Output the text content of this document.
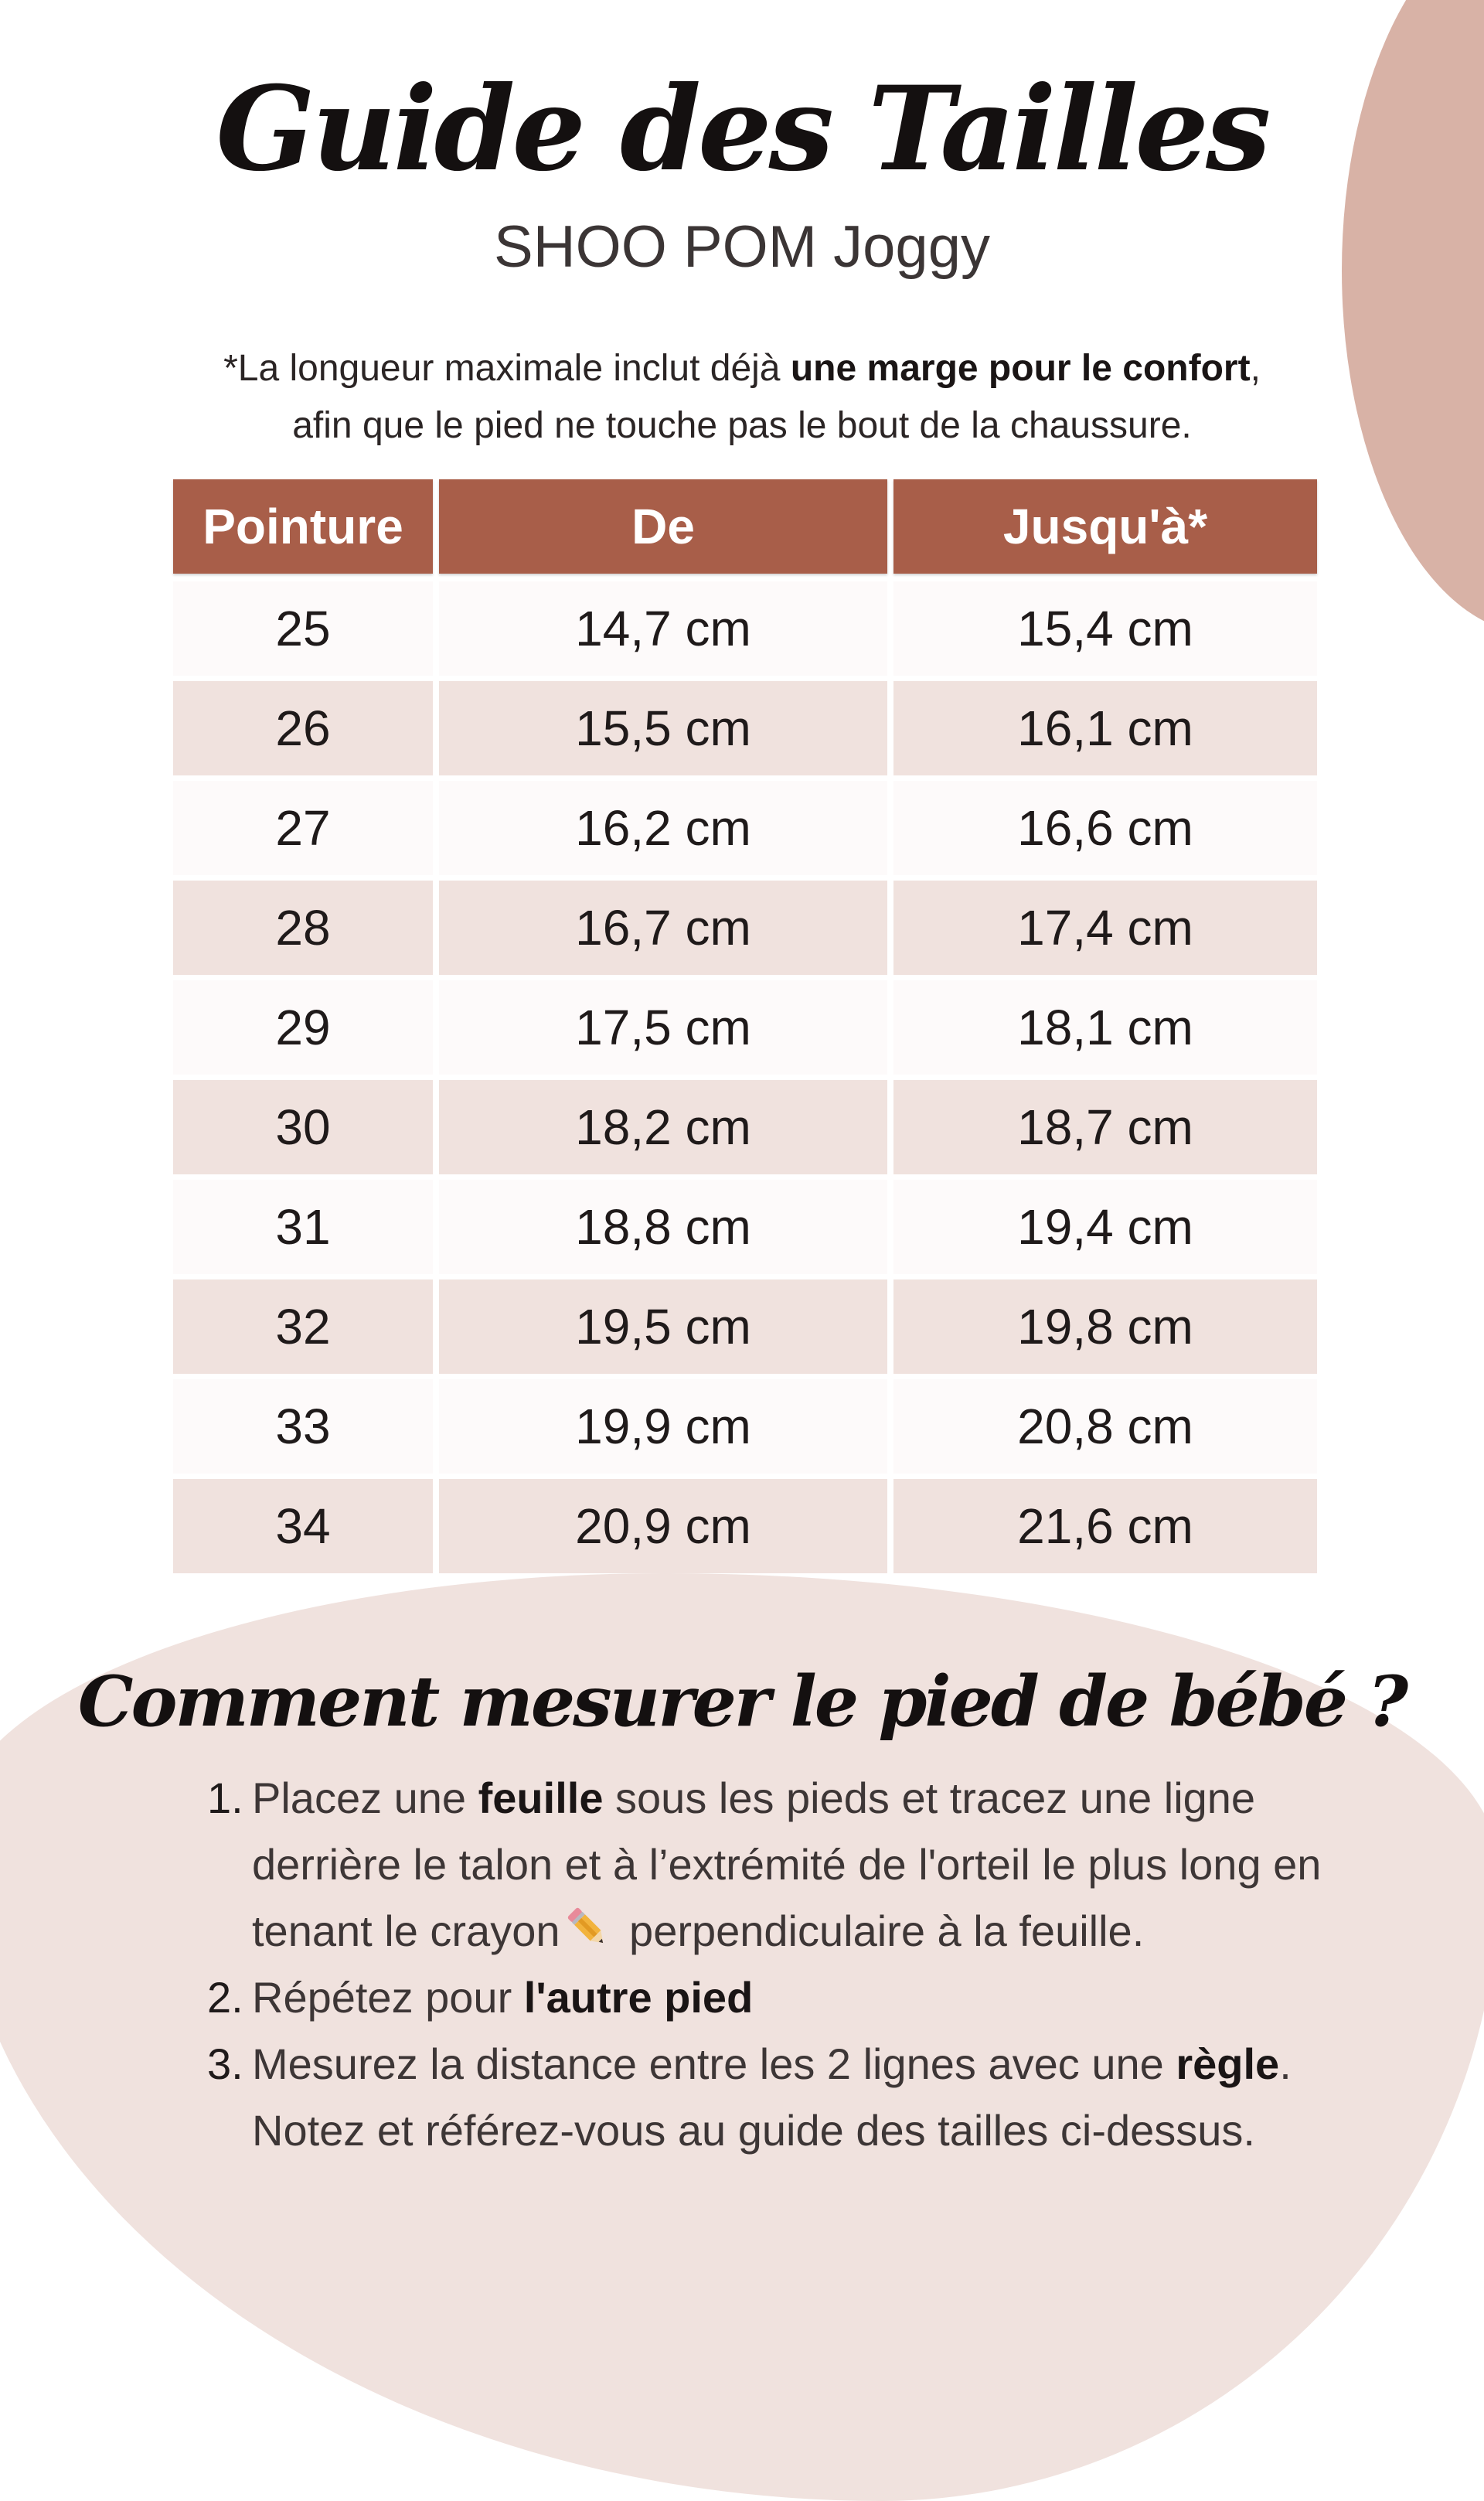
Guide des Tailles
SHOO POM Joggy
*La longueur maximale inclut déjà une marge pour le confort,
afin que le pied ne touche pas le bout de la chaussure.
Pointure	De	Jusqu'à*
25	14,7 cm	15,4 cm
26	15,5 cm	16,1 cm
27	16,2 cm	16,6 cm
28	16,7 cm	17,4 cm
29	17,5 cm	18,1 cm
30	18,2 cm	18,7 cm
31	18,8 cm	19,4 cm
32	19,5 cm	19,8 cm
33	19,9 cm	20,8 cm
34	20,9 cm	21,6 cm
Comment mesurer le pied de bébé ?
1. Placez une feuille sous les pieds et tracez une ligne derrière le talon et à l’extrémité de l'orteil le plus long en tenant le crayon perpendiculaire à la feuille.
2. Répétez pour l'autre pied
3. Mesurez la distance entre les 2 lignes avec une règle. Notez et référez-vous au guide des tailles ci-dessus.
